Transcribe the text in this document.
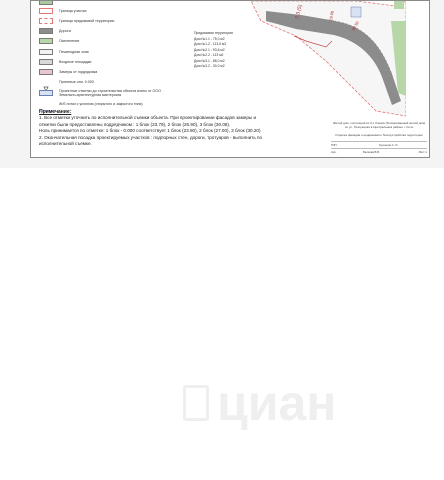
Граница участка
Граница придомовой территории
Дорога
Озеленение
Пешеходная зона
Входные площадки
Замеры от подрядчика
Принятые отм. 0.000
Проектные отметки до строительства объекта взяты от ООО Земельно-архитектурная мастерская
Ж/б лотки с уклоном (открытого и закрытого типа)
Придомовая территория
Дом №1.1 - 75,0 м2
Дом №1.2 - 113,6 м2
Дом №2.1 - 93,6 м2
Дом №2.2 - 113 м2
Дом №3.1 - 88,0 м2
Дом №3.2 - 30,0 м2
2.3 (5)	29.00
28.50
Примечание:
1. Все отметки уточнить по исполнительной съемки объекта. При проектировании фасадов замеры и
отметки были предоставлены подрядчиком : 1 блок (23.79), 2 блок (26.90), 3 блок (30.08).
Ноль принимается по отметке: 1 блок - 0.000 соответствует 1 блок (23.90), 2 блок (27.00), 3 блок (30.20)
2. Окончательная посадка проектируемых участков : подпорных стен, дороги, тротуаров - выполнить по
исполнительной съемке.
Жилой дом, состоящий из 3-х блоков (блокированный жилой дом) по ул. Тихорецкая в Центральном районе г. Сочи
Отделка фасадов и недвижимого благоустройства территории
ГИП	Кузнецов С. И.
Арх.	Белкова В.В.	Лист 1
циан
